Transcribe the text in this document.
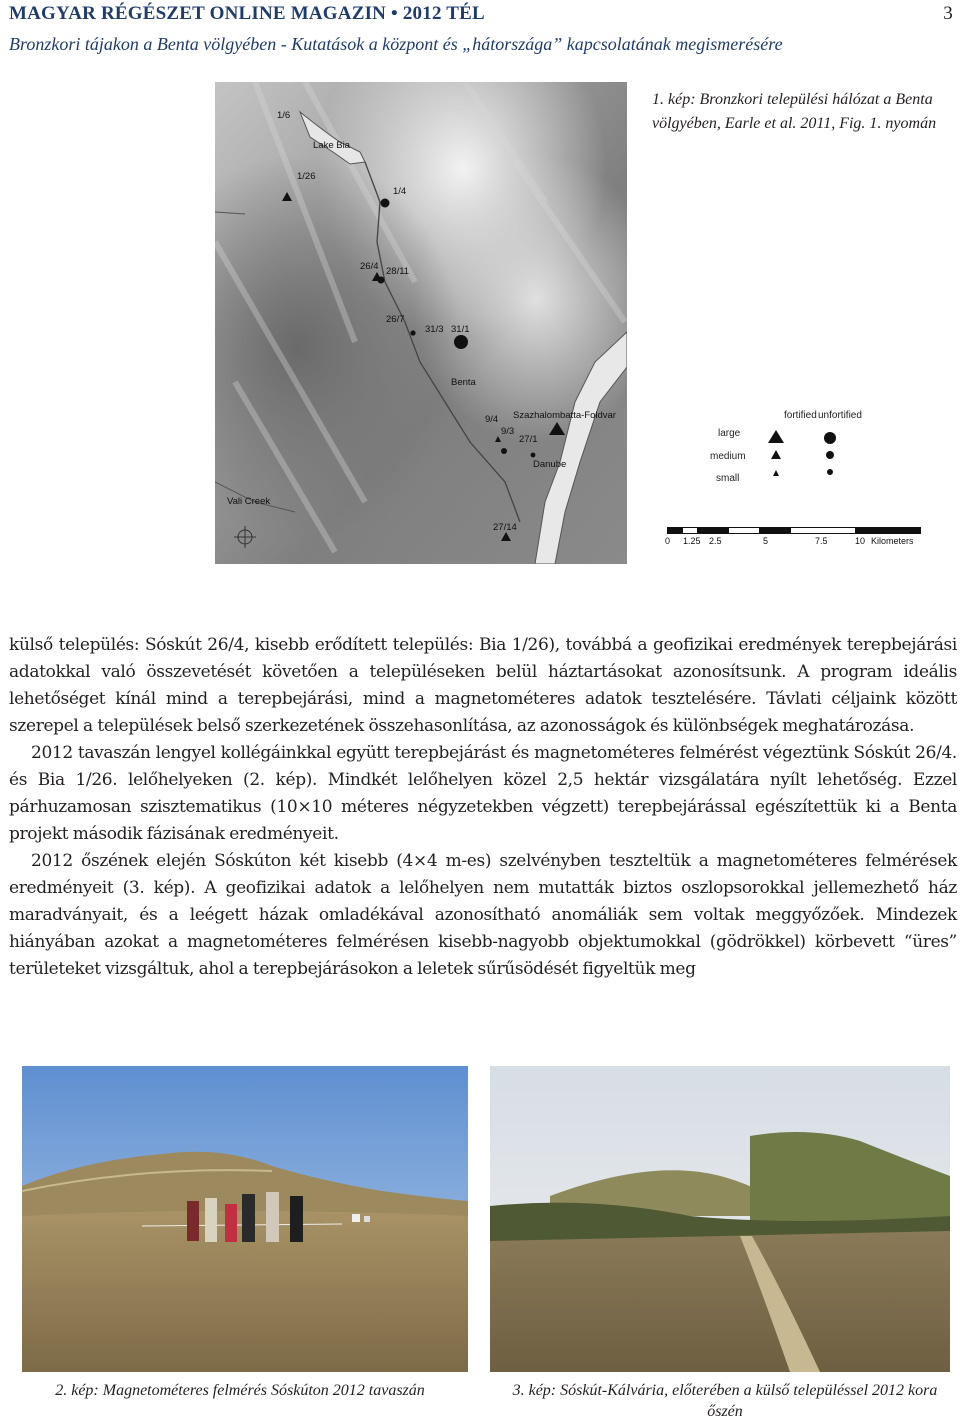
MAGYAR RÉGÉSZET ONLINE MAGAZIN • 2012 TÉL	3
Bronzkori tájakon a Benta völgyében - Kutatások a központ és „hátországa” kapcsolatának megismerésére
1/6
Lake Bia
1/26
1/4
26/4 28/11
26/7
31/3 31/1
Benta
9/4 Szazhalombatta-Foldvar
9/3
27/1
Danube
Vali Creek
27/14
1. kép: Bronzkori települési hálózat a Benta völgyében, Earle et al. 2011, Fig. 1. nyomán
fortified unfortified
large
medium
small
0 1.25 2.5	5	7.5	10 Kilometers

külső település: Sóskút 26/4, kisebb erődített település: Bia 1/26), továbbá a geofizikai eredmények terepbejárási adatokkal való összevetését követően a településeken belül háztartásokat azonosítsunk. A program ideális lehetőséget kínál mind a terepbejárási, mind a magnetométeres adatok tesztelésére. Távlati céljaink között szerepel a települések belső szerkezetének összehasonlítása, az azonosságok és különbségek meghatározása.

2012 tavaszán lengyel kollégáinkkal együtt terepbejárást és magnetométeres felmérést végeztünk Sóskút 26/4. és Bia 1/26. lelőhelyeken (2. kép). Mindkét lelőhelyen közel 2,5 hektár vizsgálatára nyílt lehetőség. Ezzel párhuzamosan szisztematikus (10×10 méteres négyzetekben végzett) terepbejárással egészítettük ki a Benta projekt második fázisának eredményeit.

2012 őszének elején Sóskúton két kisebb (4×4 m-es) szelvényben teszteltük a magnetométeres felmérések eredményeit (3. kép). A geofizikai adatok a lelőhelyen nem mutatták biztos oszlopsorokkal jellemezhető ház maradványait, és a leégett házak omladékával azonosítható anomáliák sem voltak meggyőzőek. Mindezek hiányában azokat a magnetométeres felmérésen kisebb-nagyobb objektumokkal (gödrökkel) körbevett “üres” területeket vizsgáltuk, ahol a terepbejárásokon a leletek sűrűsödését figyeltük meg

2. kép: Magnetométeres felmérés Sóskúton 2012 tavaszán	3. kép: Sóskút-Kálvária, előterében a külső településsel 2012 kora őszén
